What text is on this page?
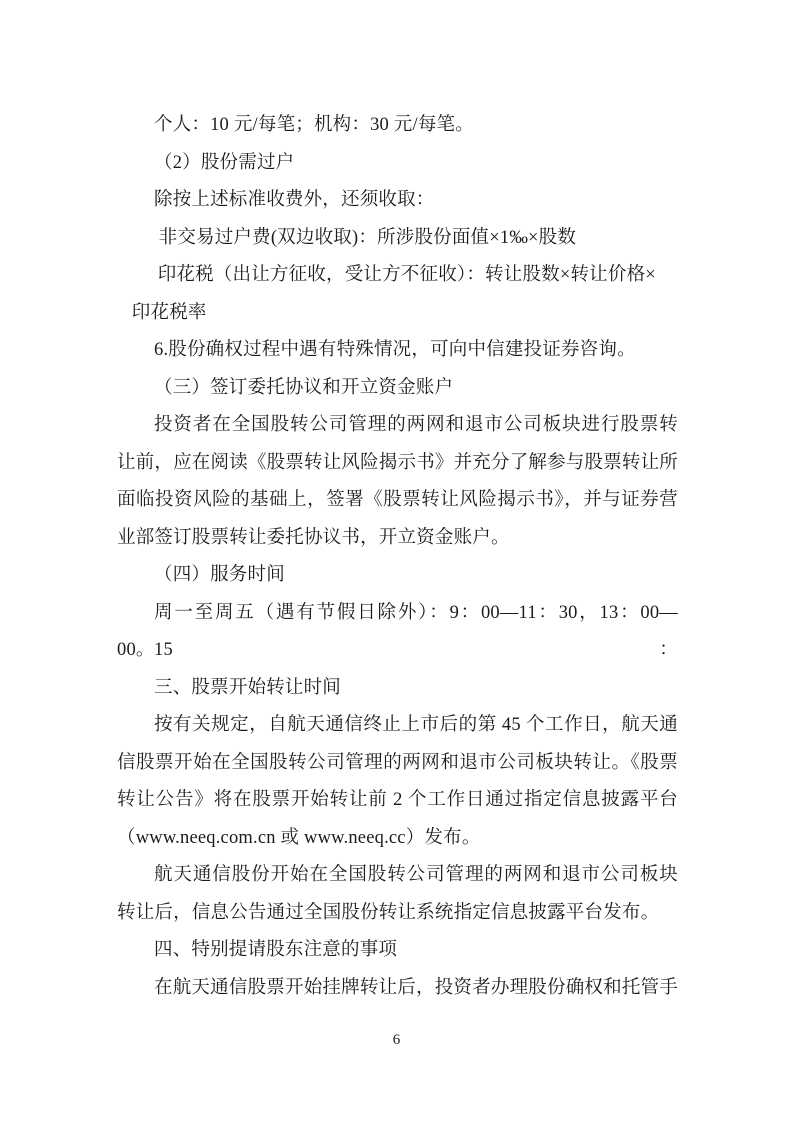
个人：10 元/每笔；机构：30 元/每笔。
（2）股份需过户
除按上述标准收费外，还须收取：
非交易过户费(双边收取)：所涉股份面值×1‰×股数
印花税（出让方征收，受让方不征收）：转让股数×转让价格×
印花税率
6.股份确权过程中遇有特殊情况，可向中信建投证券咨询。
（三）签订委托协议和开立资金账户
投资者在全国股转公司管理的两网和退市公司板块进行股票转
让前，应在阅读《股票转让风险揭示书》并充分了解参与股票转让所
面临投资风险的基础上，签署《股票转让风险揭示书》，并与证券营
业部签订股票转让委托协议书，开立资金账户。
（四）服务时间
周一至周五（遇有节假日除外）：9：00—11：30，13：00—15：
00。
三、股票开始转让时间
按有关规定，自航天通信终止上市后的第 45 个工作日，航天通
信股票开始在全国股转公司管理的两网和退市公司板块转让。《股票
转让公告》将在股票开始转让前 2 个工作日通过指定信息披露平台
（www.neeq.com.cn 或 www.neeq.cc）发布。
航天通信股份开始在全国股转公司管理的两网和退市公司板块
转让后，信息公告通过全国股份转让系统指定信息披露平台发布。
四、特别提请股东注意的事项
在航天通信股票开始挂牌转让后，投资者办理股份确权和托管手
6
